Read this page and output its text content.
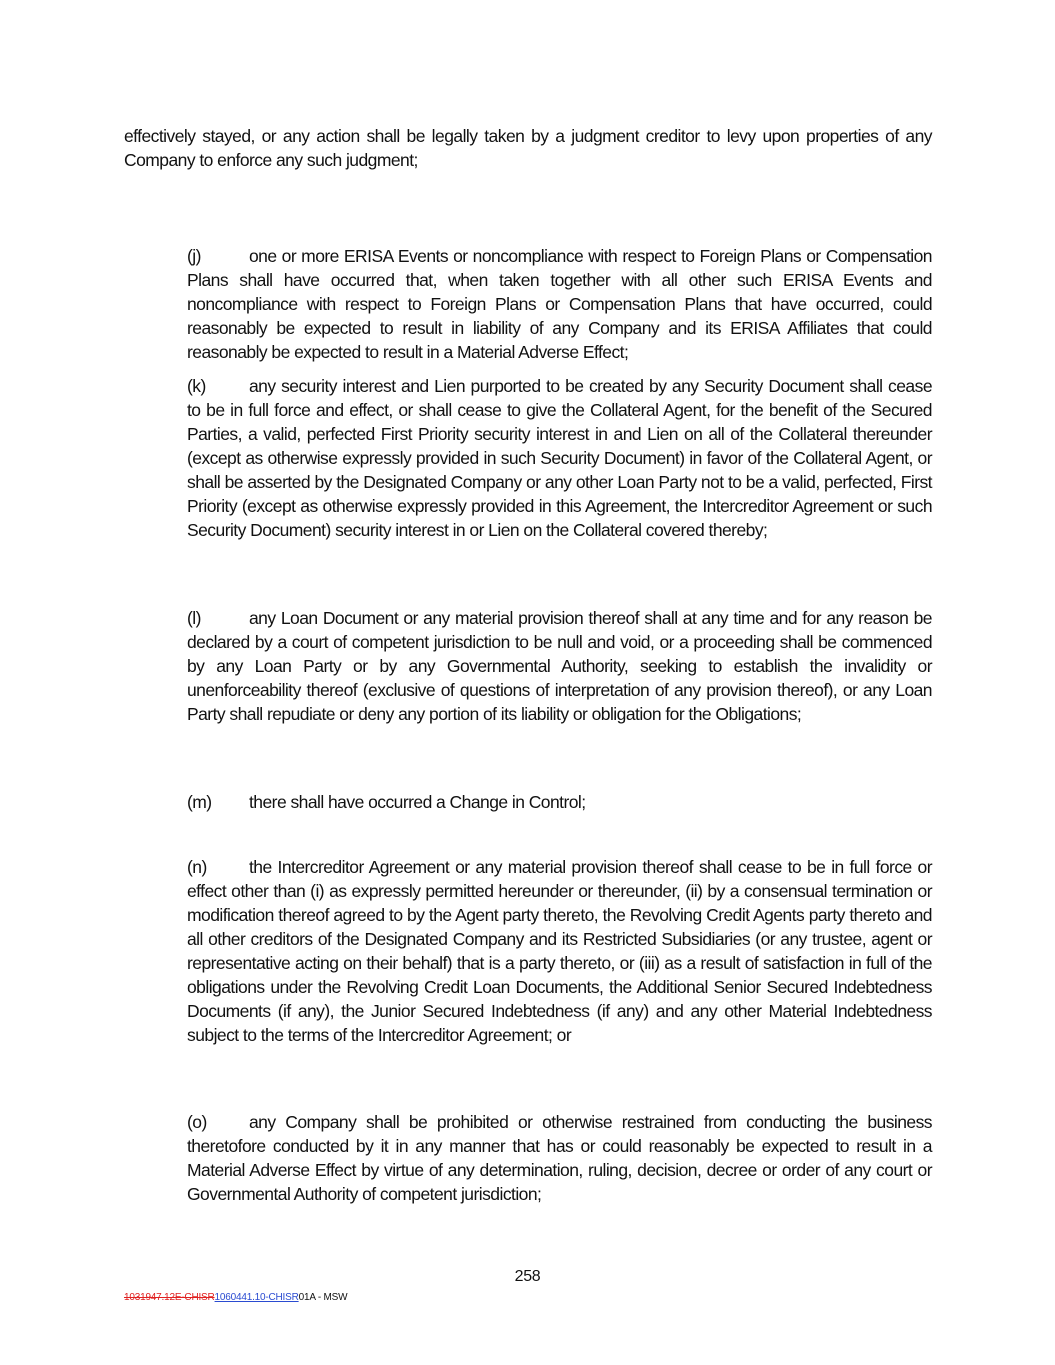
effectively stayed, or any action shall be legally taken by a judgment creditor to levy upon properties of any Company to enforce any such judgment;
(j)	one or more ERISA Events or noncompliance with respect to Foreign Plans or Compensation Plans shall have occurred that, when taken together with all other such ERISA Events and noncompliance with respect to Foreign Plans or Compensation Plans that have occurred, could reasonably be expected to result in liability of any Company and its ERISA Affiliates that could reasonably be expected to result in a Material Adverse Effect;
(k) any security interest and Lien purported to be created by any Security Document shall cease to be in full force and effect, or shall cease to give the Collateral Agent, for the benefit of the Secured Parties, a valid, perfected First Priority security interest in and Lien on all of the Collateral thereunder (except as otherwise expressly provided in such Security Document) in favor of the Collateral Agent, or shall be asserted by the Designated Company or any other Loan Party not to be a valid, perfected, First Priority (except as otherwise expressly provided in this Agreement, the Intercreditor Agreement or such Security Document) security interest in or Lien on the Collateral covered thereby;
(l)	any Loan Document or any material provision thereof shall at any time and for any reason be declared by a court of competent jurisdiction to be null and void, or a proceeding shall be commenced by any Loan Party or by any Governmental Authority, seeking to establish the invalidity or unenforceability thereof (exclusive of questions of interpretation of any provision thereof), or any Loan Party shall repudiate or deny any portion of its liability or obligation for the Obligations;
(m) there shall have occurred a Change in Control;
(n) the Intercreditor Agreement or any material provision thereof shall cease to be in full force or effect other than (i) as expressly permitted hereunder or thereunder, (ii) by a consensual termination or modification thereof agreed to by the Agent party thereto, the Revolving Credit Agents party thereto and all other creditors of the Designated Company and its Restricted Subsidiaries (or any trustee, agent or representative acting on their behalf) that is a party thereto, or (iii) as a result of satisfaction in full of the obligations under the Revolving Credit Loan Documents, the Additional Senior Secured Indebtedness Documents (if any), the Junior Secured Indebtedness (if any) and any other Material Indebtedness subject to the terms of the Intercreditor Agreement; or
(o) any Company shall be prohibited or otherwise restrained from conducting the business theretofore conducted by it in any manner that has or could reasonably be expected to result in a Material Adverse Effect by virtue of any determination, ruling, decision, decree or order of any court or Governmental Authority of competent jurisdiction;
258
1031947.12E-CHISR1060441.10-CHISR01A - MSW
